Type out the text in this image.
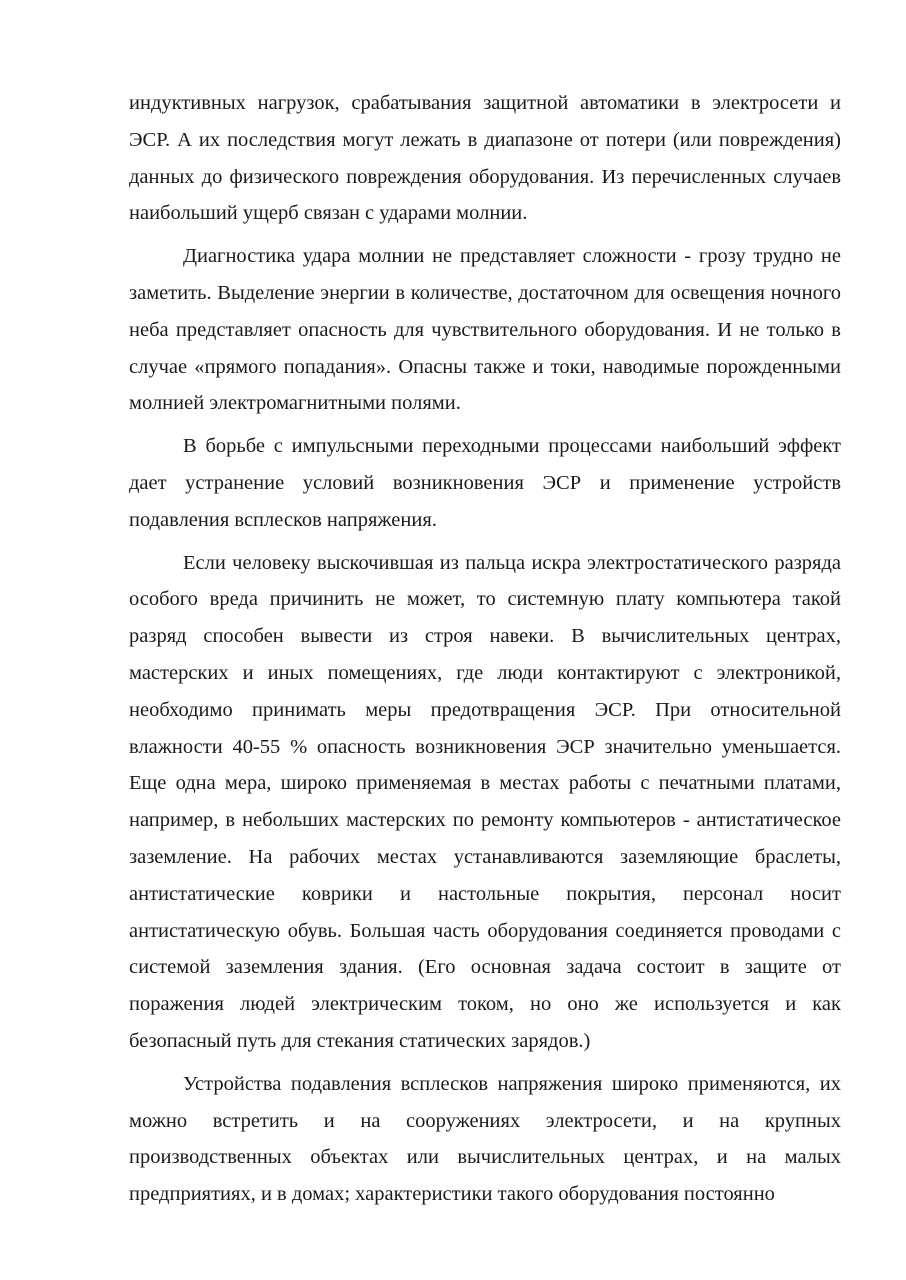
индуктивных нагрузок, срабатывания защитной автоматики в электросети и ЭСР. А их последствия могут лежать в диапазоне от потери (или повреждения) данных до физического повреждения оборудования. Из перечисленных случаев наибольший ущерб связан с ударами молнии.

Диагностика удара молнии не представляет сложности - грозу трудно не заметить. Выделение энергии в количестве, достаточном для освещения ночного неба представляет опасность для чувствительного оборудования. И не только в случае «прямого попадания». Опасны также и токи, наводимые порожденными молнией электромагнитными полями.

В борьбе с импульсными переходными процессами наибольший эффект дает устранение условий возникновения ЭСР и применение устройств подавления всплесков напряжения.

Если человеку выскочившая из пальца искра электростатического разряда особого вреда причинить не может, то системную плату компьютера такой разряд способен вывести из строя навеки. В вычислительных центрах, мастерских и иных помещениях, где люди контактируют с электроникой, необходимо принимать меры предотвращения ЭСР. При относительной влажности 40-55 % опасность возникновения ЭСР значительно уменьшается. Еще одна мера, широко применяемая в местах работы с печатными платами, например, в небольших мастерских по ремонту компьютеров - антистатическое заземление. На рабочих местах устанавливаются заземляющие браслеты, антистатические коврики и настольные покрытия, персонал носит антистатическую обувь. Большая часть оборудования соединяется проводами с системой заземления здания. (Его основная задача состоит в защите от поражения людей электрическим током, но оно же используется и как безопасный путь для стекания статических зарядов.)

Устройства подавления всплесков напряжения широко применяются, их можно встретить и на сооружениях электросети, и на крупных производственных объектах или вычислительных центрах, и на малых предприятиях, и в домах; характеристики такого оборудования постоянно
